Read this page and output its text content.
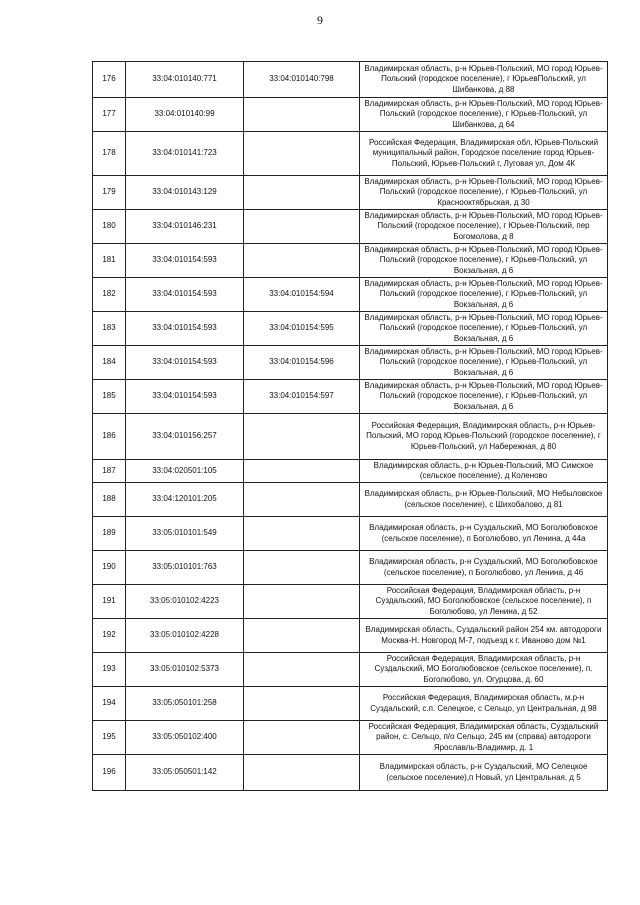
9
176	33:04:010140:771	33:04:010140:798	Владимирская область, р-н Юрьев-Польский, МО город Юрьев-Польский (городское поселение), г ЮрьевПольский, ул Шибанкова, д 88
177	33:04:010140:99		Владимирская область, р-н Юрьев-Польский, МО город Юрьев-Польский (городское поселение), г Юрьев-Польский, ул Шибанкова, д 64
178	33:04:010141:723		Российская Федерация, Владимирская обл, Юрьев-Польский муниципальный район, Городское поселение город Юрьев-Польский, Юрьев-Польский г, Луговая ул, Дом 4К
179	33:04:010143:129		Владимирская область, р-н Юрьев-Польский, МО город Юрьев-Польский (городское поселение), г Юрьев-Польский, ул Краснооктябрьская, д 30
180	33:04:010146:231		Владимирская область, р-н Юрьев-Польский, МО город Юрьев-Польский (городское поселение), г Юрьев-Польский, пер Богомолова, д 8
181	33:04:010154:593		Владимирская область, р-н Юрьев-Польский, МО город Юрьев-Польский (городское поселение), г Юрьев-Польский, ул Вокзальная, д 6
182	33:04:010154:593	33:04:010154:594	Владимирская область, р-н Юрьев-Польский, МО город Юрьев-Польский (городское поселение), г Юрьев-Польский, ул Вокзальная, д 6
183	33:04:010154:593	33:04:010154:595	Владимирская область, р-н Юрьев-Польский, МО город Юрьев-Польский (городское поселение), г Юрьев-Польский, ул Вокзальная, д 6
184	33:04:010154:593	33:04:010154:596	Владимирская область, р-н Юрьев-Польский, МО город Юрьев-Польский (городское поселение), г Юрьев-Польский, ул Вокзальная, д 6
185	33:04:010154:593	33:04:010154:597	Владимирская область, р-н Юрьев-Польский, МО город Юрьев-Польский (городское поселение), г Юрьев-Польский, ул Вокзальная, д 6
186	33:04:010156:257		Российская Федерация, Владимирская область, р-н Юрьев-Польский, МО город Юрьев-Польский (городское поселение), г Юрьев-Польский, ул Набережная, д 80
187	33:04:020501:105		Владимирская область, р-н Юрьев-Польский, МО Симское (сельское поселение), д Коленово
188	33:04:120101:205		Владимирская область, р-н Юрьев-Польский, МО Небыловское (сельское поселение), с Шихобалово, д 81
189	33:05:010101:549		Владимирская область, р-н Суздальский, МО Боголюбовское (сельское поселение), п Боголюбово, ул Ленина, д 44а
190	33:05:010101:763		Владимирская область, р-н Суздальский, МО Боголюбовское (сельское поселение), п Боголюбово, ул Ленина, д 46
191	33:05:010102:4223		Российская Федерация, Владимирская область, р-н Суздальский, МО Боголюбовское (сельское поселение), п Боголюбово, ул Ленина, д 52
192	33:05:010102:4228		Владимирская область, Суздальский район 254 км. автодороги Москва-Н. Новгород М-7, подъезд к г. Иваново дом №1
193	33:05:010102:5373		Российская Федерация, Владимирская область, р-н Суздальский, МО Боголюбовское (сельское поселение), п. Боголюбово, ул. Огурцова, д. 60
194	33:05:050101:258		Российская Федерация, Владимирская область, м.р-н Суздальский, с.п. Селецкое, с Сельцо, ул Центральная, д 98
195	33:05:050102:400		Российская Федерация, Владимирская область, Суздальский район, с. Сельцо, п/о Сельцо, 245 км (справа) автодороги Ярославль-Владимир, д. 1
196	33:05:050501:142		Владимирская область, р-н Суздальский, МО Селецкое (сельское поселение),п Новый, ул Центральная, д 5
